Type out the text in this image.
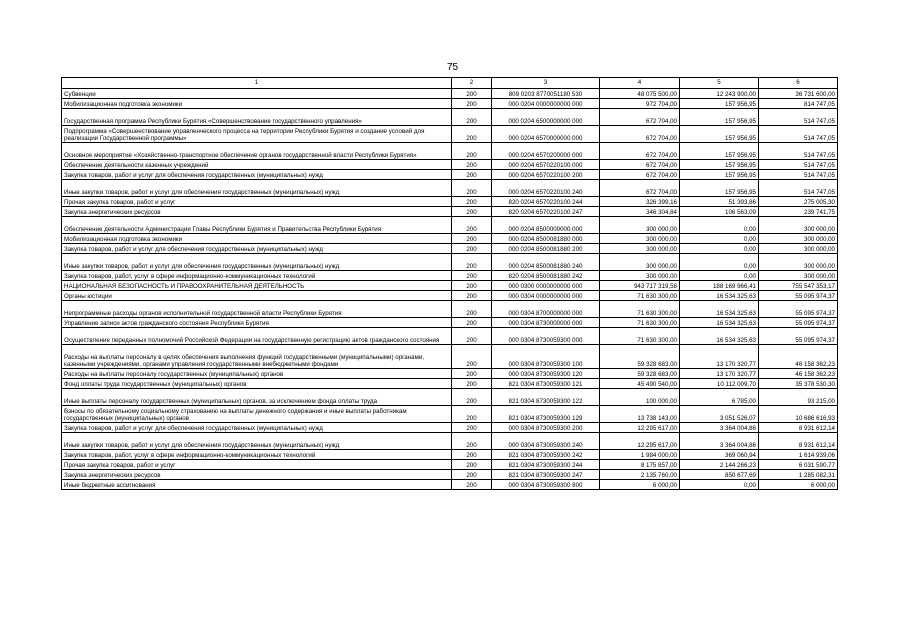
75
1	2	3	4	5	6
Субвенции	200	809 0203 8770051180 530	48 075 500,00	12 243 900,00	36 731 600,00
Мобилизационная подготовка экономики	200	000 0204 0000000000 000	972 704,00	157 956,95	814 747,05
Государственная программа Республики Бурятия «Совершенствование государственного управления»	200	000 0204 6500000000 000	672 704,00	157 956,95	514 747,05
Подпрограмма «Совершенствование управленческого процесса на территории Республики Бурятия и создание условий для реализации Государственной программы»	200	000 0204 6570000000 000	672 704,00	157 956,95	514 747,05
Основное мероприятие «Хозяйственно-транспортное обеспечение органов государственной власти Республики Бурятия»	200	000 0204 6570200000 000	672 704,00	157 956,95	514 747,05
Обеспечение деятельности казенных учреждений	200	000 0204 6570220100 000	672 704,00	157 956,95	514 747,05
Закупка товаров, работ и услуг для обеспечения государственных (муниципальных) нужд	200	000 0204 6570220100 200	672 704,00	157 956,95	514 747,05
Иные закупки товаров, работ и услуг для обеспечения государственных (муниципальных) нужд	200	000 0204 6570220100 240	672 704,00	157 956,95	514 747,05
Прочая закупка товаров, работ и услуг	200	820 0204 6570220100 244	326 399,16	51 393,86	275 005,30
Закупка энергетических ресурсов	200	820 0204 6570220100 247	346 304,84	106 563,09	239 741,75
Обеспечение деятельности Администрации Главы Республики Бурятия и Правительства Республики Бурятия	200	000 0204 8500000000 000	300 000,00	0,00	300 000,00
Мобилизационная подготовка экономики	200	000 0204 8500081880 000	300 000,00	0,00	300 000,00
Закупка товаров, работ и услуг для обеспечения государственных (муниципальных) нужд	200	000 0204 8500081880 200	300 000,00	0,00	300 000,00
Иные закупки товаров, работ и услуг для обеспечения государственных (муниципальных) нужд	200	000 0204 8500081880 240	300 000,00	0,00	300 000,00
Закупка товаров, работ, услуг в сфере информационно-коммуникационных технологий	200	820 0204 8500081880 242	300 000,00	0,00	300 000,00
НАЦИОНАЛЬНАЯ БЕЗОПАСНОСТЬ И ПРАВООХРАНИТЕЛЬНАЯ ДЕЯТЕЛЬНОСТЬ	200	000 0300 0000000000 000	943 717 319,58	188 169 966,41	755 547 353,17
Органы юстиции	200	000 0304 0000000000 000	71 630 300,00	16 534 325,63	55 095 974,37
Непрограммные расходы органов исполнительной государственной власти Республики Бурятия	200	000 0304 8700000000 000	71 630 300,00	16 534 325,63	55 095 974,37
Управление записи актов гражданского состояния Республики Бурятия	200	000 0304 8730000000 000	71 630 300,00	16 534 325,63	55 095 974,37
Осуществление переданных полномочий Российской Федерации на государственную регистрацию актов гражданского состояния	200	000 0304 8730059300 000	71 630 300,00	16 534 325,63	55 095 974,37
Расходы на выплаты персоналу в целях обеспечения выполнения функций государственными (муниципальными) органами, казенными учреждениями, органами управления государственными внебюджетными фондами	200	000 0304 8730059300 100	59 328 683,00	13 170 320,77	46 158 362,23
Расходы на выплаты персоналу государственных (муниципальных) органов	200	000 0304 8730059300 120	59 328 683,00	13 170 320,77	46 158 362,23
Фонд оплаты труда государственных (муниципальных) органов	200	821 0304 8730059300 121	45 490 540,00	10 112 009,70	35 378 530,30
Иные выплаты персоналу государственных (муниципальных) органов, за исключением фонда оплаты труда	200	821 0304 8730059300 122	100 000,00	6 785,00	93 215,00
Взносы по обязательному социальному страхованию на выплаты денежного содержания и иные выплаты работникам государственных (муниципальных) органов	200	821 0304 8730059300 129	13 738 143,00	3 051 526,07	10 686 616,93
Закупка товаров, работ и услуг для обеспечения государственных (муниципальных) нужд	200	000 0304 8730059300 200	12 295 617,00	3 364 004,86	8 931 612,14
Иные закупки товаров, работ и услуг для обеспечения государственных (муниципальных) нужд	200	000 0304 8730059300 240	12 295 617,00	3 364 004,86	8 931 612,14
Закупка товаров, работ, услуг в сфере информационно-коммуникационных технологий	200	821 0304 8730059300 242	1 984 000,00	369 060,94	1 614 939,06
Прочая закупка товаров, работ и услуг	200	821 0304 8730059300 244	8 175 857,00	2 144 266,23	6 031 590,77
Закупка энергетических ресурсов	200	821 0304 8730059300 247	2 135 760,00	850 677,69	1 285 082,31
Иные бюджетные ассигнования	200	000 0304 8730059300 800	6 000,00	0,00	6 000,00
